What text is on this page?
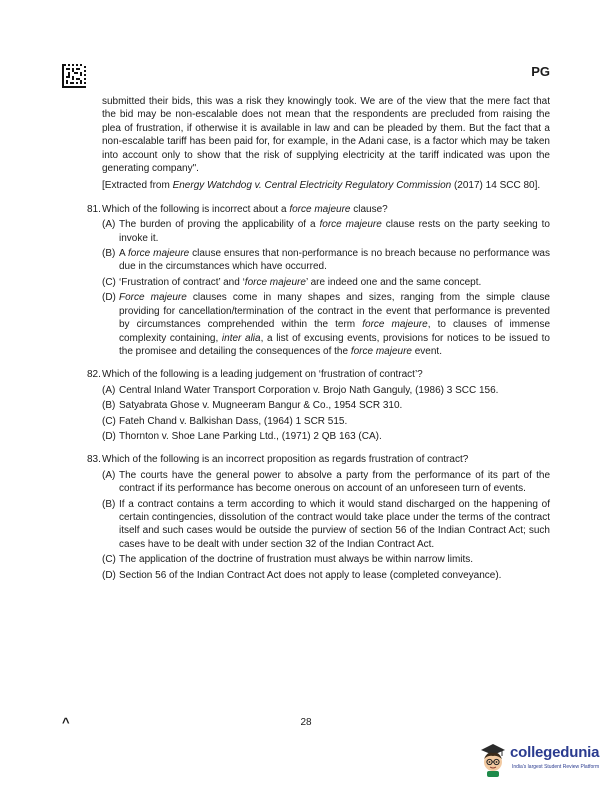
PG

submitted their bids, this was a risk they knowingly took. We are of the view that the mere fact that the bid may be non-escalable does not mean that the respondents are precluded from raising the plea of frustration, if otherwise it is available in law and can be pleaded by them. But the fact that a non-escalable tariff has been paid for, for example, in the Adani case, is a factor which may be taken into account only to show that the risk of supplying electricity at the tariff indicated was upon the generating company".

[Extracted from Energy Watchdog v. Central Electricity Regulatory Commission (2017) 14 SCC 80].

81.Which of the following is incorrect about a force majeure clause?
(A) The burden of proving the applicability of a force majeure clause rests on the party seeking to invoke it.
(B) A force majeure clause ensures that non-performance is no breach because no performance was due in the circumstances which have occurred.
(C) ‘Frustration of contract’ and ‘force majeure’ are indeed one and the same concept.
(D) Force majeure clauses come in many shapes and sizes, ranging from the simple clause providing for cancellation/termination of the contract in the event that performance is prevented by circumstances comprehended within the term force majeure, to clauses of immense complexity containing, inter alia, a list of excusing events, provisions for notices to be issued to the promisee and detailing the consequences of the force majeure event.
82.Which of the following is a leading judgement on ‘frustration of contract’?
(A) Central Inland Water Transport Corporation v. Brojo Nath Ganguly, (1986) 3 SCC 156.
(B) Satyabrata Ghose v. Mugneeram Bangur & Co., 1954 SCR 310.
(C) Fateh Chand v. Balkishan Dass, (1964) 1 SCR 515.
(D) Thornton v. Shoe Lane Parking Ltd., (1971) 2 QB 163 (CA).
83.Which of the following is an incorrect proposition as regards frustration of contract?
(A) The courts have the general power to absolve a party from the performance of its part of the contract if its performance has become onerous on account of an unforeseen turn of events.
(B) If a contract contains a term according to which it would stand discharged on the happening of certain contingencies, dissolution of the contract would take place under the terms of the contract itself and such cases would be outside the purview of section 56 of the Indian Contract Act; such cases have to be dealt with under section 32 of the Indian Contract Act.
(C) The application of the doctrine of frustration must always be within narrow limits.
(D) Section 56 of the Indian Contract Act does not apply to lease (completed conveyance).

^	28

collegedunia

India's largest Student Review Platform
